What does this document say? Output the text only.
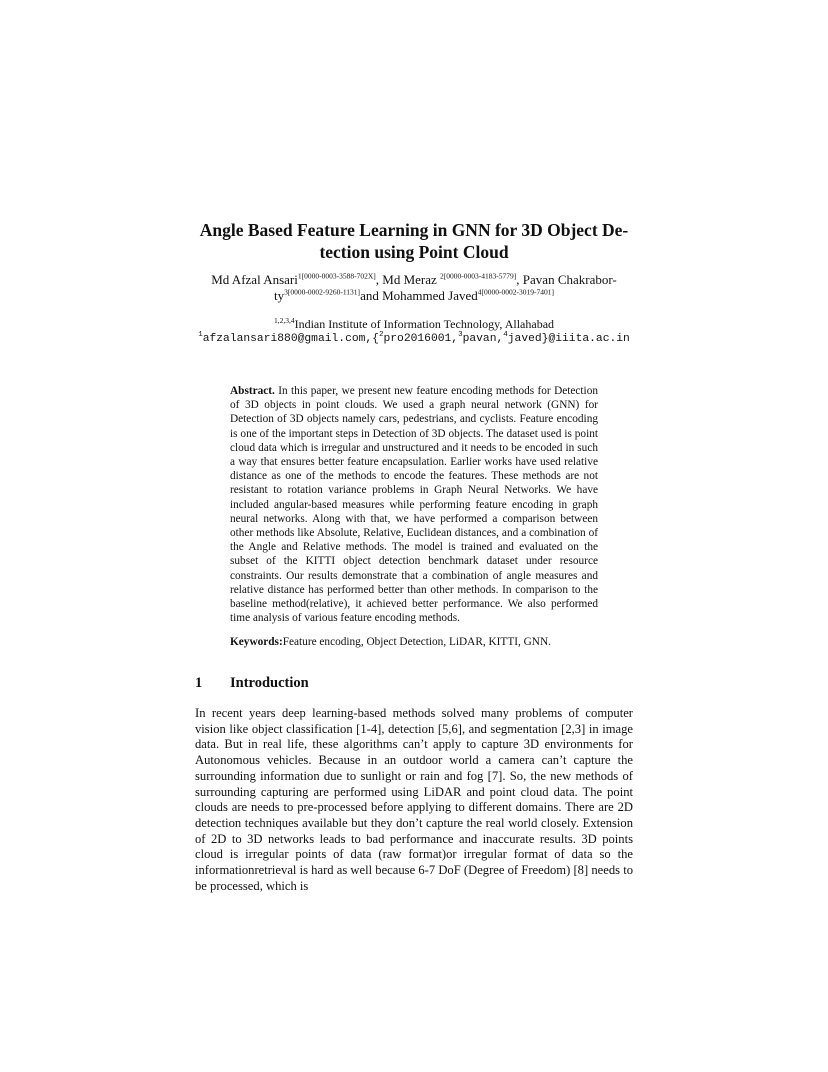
Angle Based Feature Learning in GNN for 3D Object De-
tection using Point Cloud
Md Afzal Ansari$^{1[0000-0003-3588-702X]}$, Md Meraz $^{2[0000-0003-4183-5779]}$, Pavan Chakrabor-
$ty^{3[0000-0002-9260-1131]}and$ Mohammed Javed$^{4[0000-0002-3019-7401]}$
$^{1,2,3,4}$Indian Institute of Information Technology, Allahabad
$^1$afzalansari880@gmail.com,{$^2$pro2016001,$^3$pavan,$^4$javed}@iiita.ac.in

Abstract. In this paper, we present new feature encoding methods for Detection of 3D objects in point clouds. We used a graph neural network (GNN) for Detection of 3D objects namely cars, pedestrians, and cyclists. Feature encoding is one of the important steps in Detection of 3D objects. The dataset used is point cloud data which is irregular and unstructured and it needs to be encoded in such a way that ensures better feature encapsulation. Earlier works have used relative distance as one of the methods to encode the features. These methods are not resistant to rotation variance problems in Graph Neural Networks. We have included angular-based measures while performing feature encoding in graph neural networks. Along with that, we have performed a comparison between other methods like Absolute, Relative, Euclidean distances, and a combination of the Angle and Relative methods. The model is trained and evaluated on the subset of the KITTI object detection benchmark dataset under resource constraints. Our results demonstrate that a combination of angle measures and relative distance has performed better than other methods. In comparison to the baseline method(relative), it achieved better performance. We also performed time analysis of various feature encoding methods.

Keywords:Feature encoding, Object Detection, LiDAR, KITTI, GNN.
1 Introduction

In recent years deep learning-based methods solved many problems of computer vision like object classification [1-4], detection [5,6], and segmentation [2,3] in image data. But in real life, these algorithms can’t apply to capture 3D environments for Autonomous vehicles. Because in an outdoor world a camera can’t capture the surrounding information due to sunlight or rain and fog [7]. So, the new methods of surrounding capturing are performed using LiDAR and point cloud data. The point clouds are needs to pre-processed before applying to different domains. There are 2D detection techniques available but they don’t capture the real world closely. Extension of 2D to 3D networks leads to bad performance and inaccurate results. 3D points cloud is irregular points of data (raw format)or irregular format of data so the informationretrieval is hard as well because 6-7 DoF (Degree of Freedom) [8] needs to be processed, which is
